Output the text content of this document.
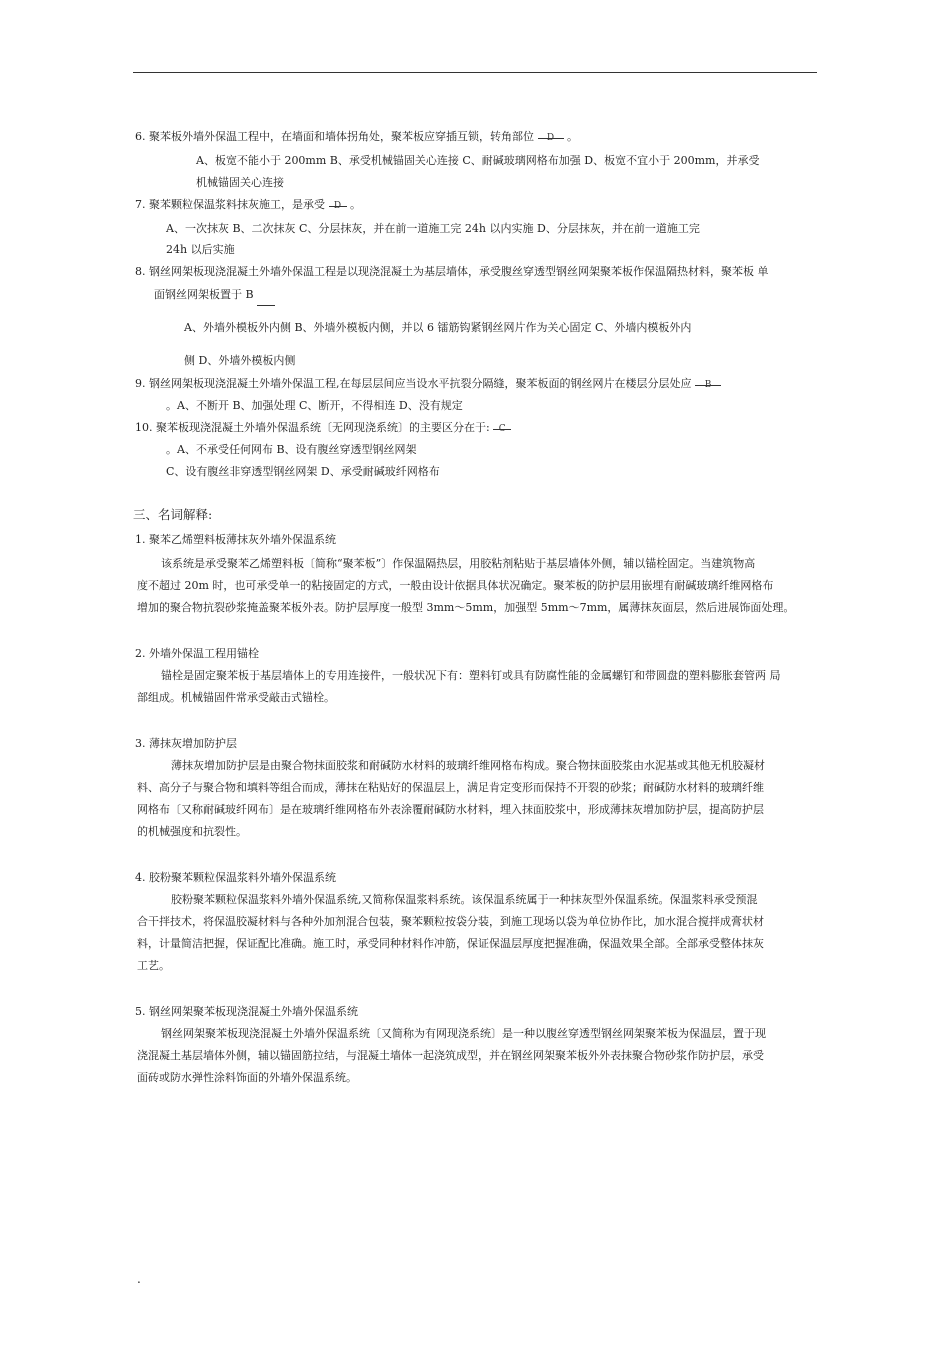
6. 聚苯板外墙外保温工程中，在墙面和墙体拐角处，聚苯板应穿插互锁，转角部位 D 。
A、板宽不能小于 200mm B、承受机械锚固关心连接 C、耐碱玻璃网格布加强 D、板宽不宜小于 200mm，并承受
机械锚固关心连接
7. 聚苯颗粒保温浆料抹灰施工，是承受 D 。
A、一次抹灰 B、二次抹灰 C、分层抹灰，并在前一道施工完 24h 以内实施 D、分层抹灰，并在前一道施工完
24h 以后实施
8. 钢丝网架板现浇混凝土外墙外保温工程是以现浇混凝土为基层墙体，承受腹丝穿透型钢丝网架聚苯板作保温隔热材料，聚苯板 单
面钢丝网架板置于 B
A、外墙外模板外内侧 B、外墙外模板内侧，并以 6 镭筋钩紧钢丝网片作为关心固定 C、外墙内模板外内
侧 D、外墙外模板内侧
9. 钢丝网架板现浇混凝土外墙外保温工程,在每层层间应当设水平抗裂分隔缝，聚苯板面的钢丝网片在楼层分层处应 B
。A、不断开 B、加强处理 C、断开，不得相连 D、没有规定
10. 聚苯板现浇混凝土外墙外保温系统〔无网现浇系统〕的主要区分在于: C
。A、不承受任何网布 B、设有腹丝穿透型钢丝网架
C、设有腹丝非穿透型钢丝网架 D、承受耐碱玻纤网格布
三、名词解释:
1. 聚苯乙烯塑料板薄抹灰外墙外保温系统
该系统是承受聚苯乙烯塑料板〔简称“聚苯板”〕作保温隔热层，用胶粘剂粘贴于基层墙体外侧，辅以锚栓固定。当建筑物高
度不超过 20m 时，也可承受单一的粘接固定的方式，一般由设计依据具体状况确定。聚苯板的防护层用嵌埋有耐碱玻璃纤维网格布
增加的聚合物抗裂砂浆掩盖聚苯板外表。防护层厚度一般型 3mm～5mm，加强型 5mm～7mm，属薄抹灰面层，然后进展饰面处理。
2. 外墙外保温工程用锚栓
锚栓是固定聚苯板于基层墙体上的专用连接件，一般状况下有：塑料钉或具有防腐性能的金属螺钉和带圆盘的塑料膨胀套管两 局
部组成。机械锚固件常承受敲击式锚栓。
3. 薄抹灰增加防护层
薄抹灰增加防护层是由聚合物抹面胶浆和耐碱防水材料的玻璃纤维网格布构成。聚合物抹面胶浆由水泥基或其他无机胶凝材
料、高分子与聚合物和填料等组合而成，薄抹在粘贴好的保温层上，满足肯定变形而保持不开裂的砂浆；耐碱防水材料的玻璃纤维
网格布〔又称耐碱玻纤网布〕是在玻璃纤维网格布外表涂覆耐碱防水材料，埋入抹面胶浆中，形成薄抹灰增加防护层，提高防护层
的机械强度和抗裂性。
4. 胶粉聚苯颗粒保温浆料外墙外保温系统
胶粉聚苯颗粒保温浆料外墙外保温系统,又简称保温浆料系统。该保温系统属于一种抹灰型外保温系统。保温浆料承受预混
合干拌技术，将保温胶凝材料与各种外加剂混合包装，聚苯颗粒按袋分装，到施工现场以袋为单位协作比，加水混合搅拌成膏状材
料，计量简洁把握，保证配比准确。施工时，承受同种材料作冲筋，保证保温层厚度把握准确，保温效果全部。全部承受整体抹灰
工艺。
5. 钢丝网架聚苯板现浇混凝土外墙外保温系统
钢丝网架聚苯板现浇混凝土外墙外保温系统〔又简称为有网现浇系统〕是一种以腹丝穿透型钢丝网架聚苯板为保温层，置于现
浇混凝土基层墙体外侧，辅以锚固筋拉结，与混凝土墙体一起浇筑成型，并在钢丝网架聚苯板外外表抹聚合物砂浆作防护层，承受
面砖或防水弹性涂料饰面的外墙外保温系统。
.
